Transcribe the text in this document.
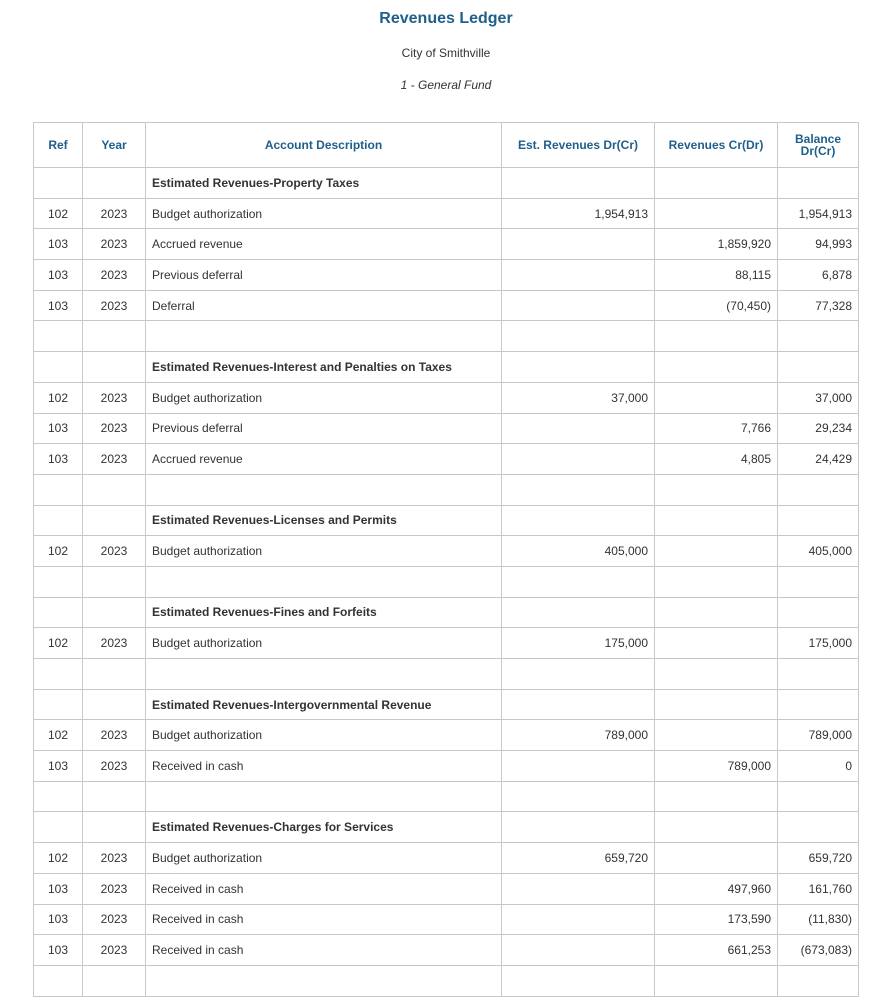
Revenues Ledger
City of Smithville
1 - General Fund
Ref	Year	Account Description	Est. Revenues Dr(Cr)	Revenues Cr(Dr)	Balance
Dr(Cr)
		Estimated Revenues-Property Taxes			
102	2023	Budget authorization	1,954,913		1,954,913
103	2023	Accrued revenue		1,859,920	94,993
103	2023	Previous deferral		88,115	6,878
103	2023	Deferral		(70,450)	77,328

		Estimated Revenues-Interest and Penalties on Taxes			
102	2023	Budget authorization	37,000		37,000
103	2023	Previous deferral		7,766	29,234
103	2023	Accrued revenue		4,805	24,429

		Estimated Revenues-Licenses and Permits			
102	2023	Budget authorization	405,000		405,000

		Estimated Revenues-Fines and Forfeits			
102	2023	Budget authorization	175,000		175,000

		Estimated Revenues-Intergovernmental Revenue			
102	2023	Budget authorization	789,000		789,000
103	2023	Received in cash		789,000	0

		Estimated Revenues-Charges for Services			
102	2023	Budget authorization	659,720		659,720
103	2023	Received in cash		497,960	161,760
103	2023	Received in cash		173,590	(11,830)
103	2023	Received in cash		661,253	(673,083)
